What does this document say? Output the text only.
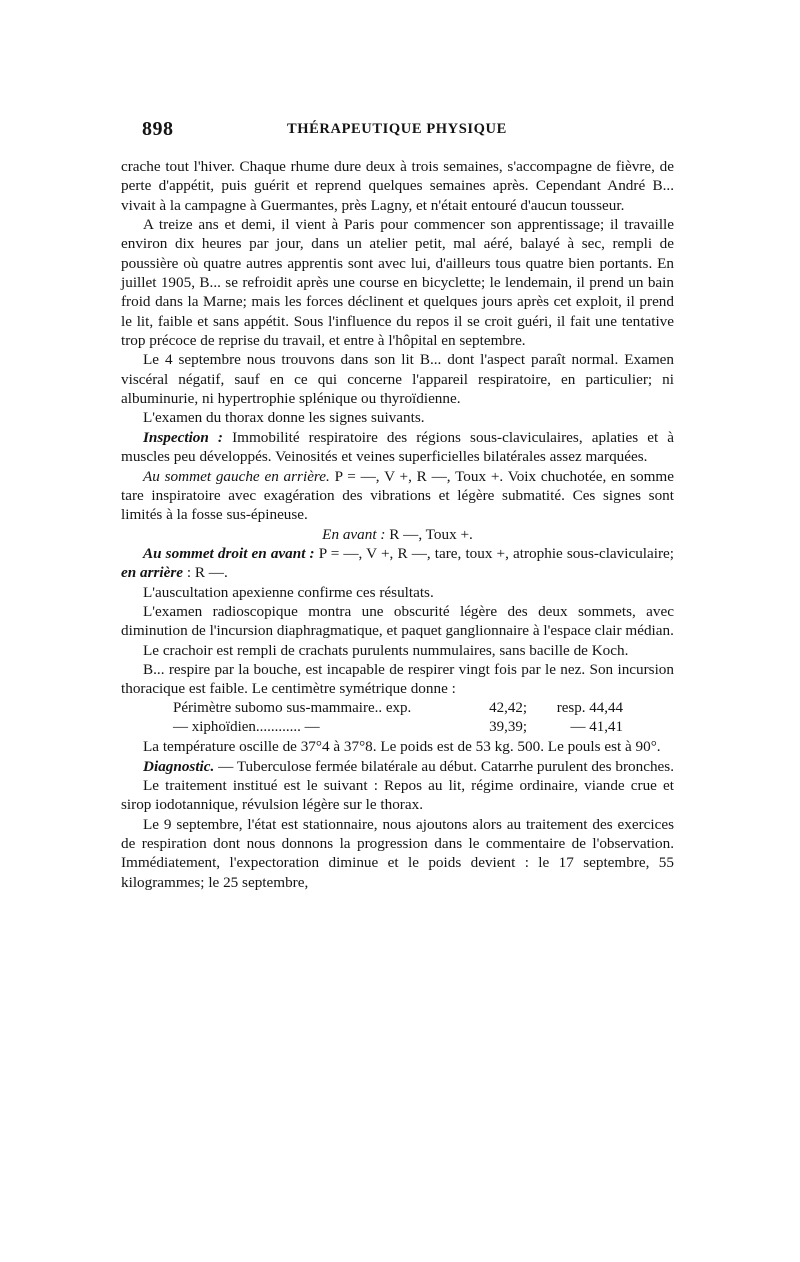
898	THÉRAPEUTIQUE PHYSIQUE

crache tout l'hiver. Chaque rhume dure deux à trois semaines, s'accompagne de fièvre, de perte d'appétit, puis guérit et reprend quelques semaines après. Cependant André B... vivait à la campagne à Guermantes, près Lagny, et n'était entouré d'aucun tousseur.

A treize ans et demi, il vient à Paris pour commencer son apprentissage; il travaille environ dix heures par jour, dans un atelier petit, mal aéré, balayé à sec, rempli de poussière où quatre autres apprentis sont avec lui, d'ailleurs tous quatre bien portants. En juillet 1905, B... se refroidit après une course en bicyclette; le lendemain, il prend un bain froid dans la Marne; mais les forces déclinent et quelques jours après cet exploit, il prend le lit, faible et sans appétit. Sous l'influence du repos il se croit guéri, il fait une tentative trop précoce de reprise du travail, et entre à l'hôpital en septembre.

Le 4 septembre nous trouvons dans son lit B... dont l'aspect paraît normal. Examen viscéral négatif, sauf en ce qui concerne l'appareil respiratoire, en particulier; ni albuminurie, ni hypertrophie splénique ou thyroïdienne.

L'examen du thorax donne les signes suivants.

Inspection : Immobilité respiratoire des régions sous-claviculaires, aplaties et à muscles peu développés. Veinosités et veines superficielles bilatérales assez marquées.

Au sommet gauche en arrière. P = —, V +, R —, Toux +. Voix chuchotée, en somme tare inspiratoire avec exagération des vibrations et légère submatité. Ces signes sont limités à la fosse sus-épineuse.

En avant : R —, Toux +.

Au sommet droit en avant : P = —, V +, R —, tare, toux +, atrophie sous-claviculaire; en arrière : R —.

L'auscultation apexienne confirme ces résultats.

L'examen radioscopique montra une obscurité légère des deux sommets, avec diminution de l'incursion diaphragmatique, et paquet ganglionnaire à l'espace clair médian.

Le crachoir est rempli de crachats purulents nummulaires, sans bacille de Koch.

B... respire par la bouche, est incapable de respirer vingt fois par le nez. Son incursion thoracique est faible. Le centimètre symétrique donne :

Périmètre subomo sus-mammaire.. exp.	42,42;	resp. 44,44
— xiphoïdien............ —	39,39;	— 41,41

La température oscille de 37°4 à 37°8. Le poids est de 53 kg. 500. Le pouls est à 90°.

Diagnostic. — Tuberculose fermée bilatérale au début. Catarrhe purulent des bronches.

Le traitement institué est le suivant : Repos au lit, régime ordinaire, viande crue et sirop iodotannique, révulsion légère sur le thorax.

Le 9 septembre, l'état est stationnaire, nous ajoutons alors au traitement des exercices de respiration dont nous donnons la progression dans le commentaire de l'observation. Immédiatement, l'expectoration diminue et le poids devient : le 17 septembre, 55 kilogrammes; le 25 septembre,
